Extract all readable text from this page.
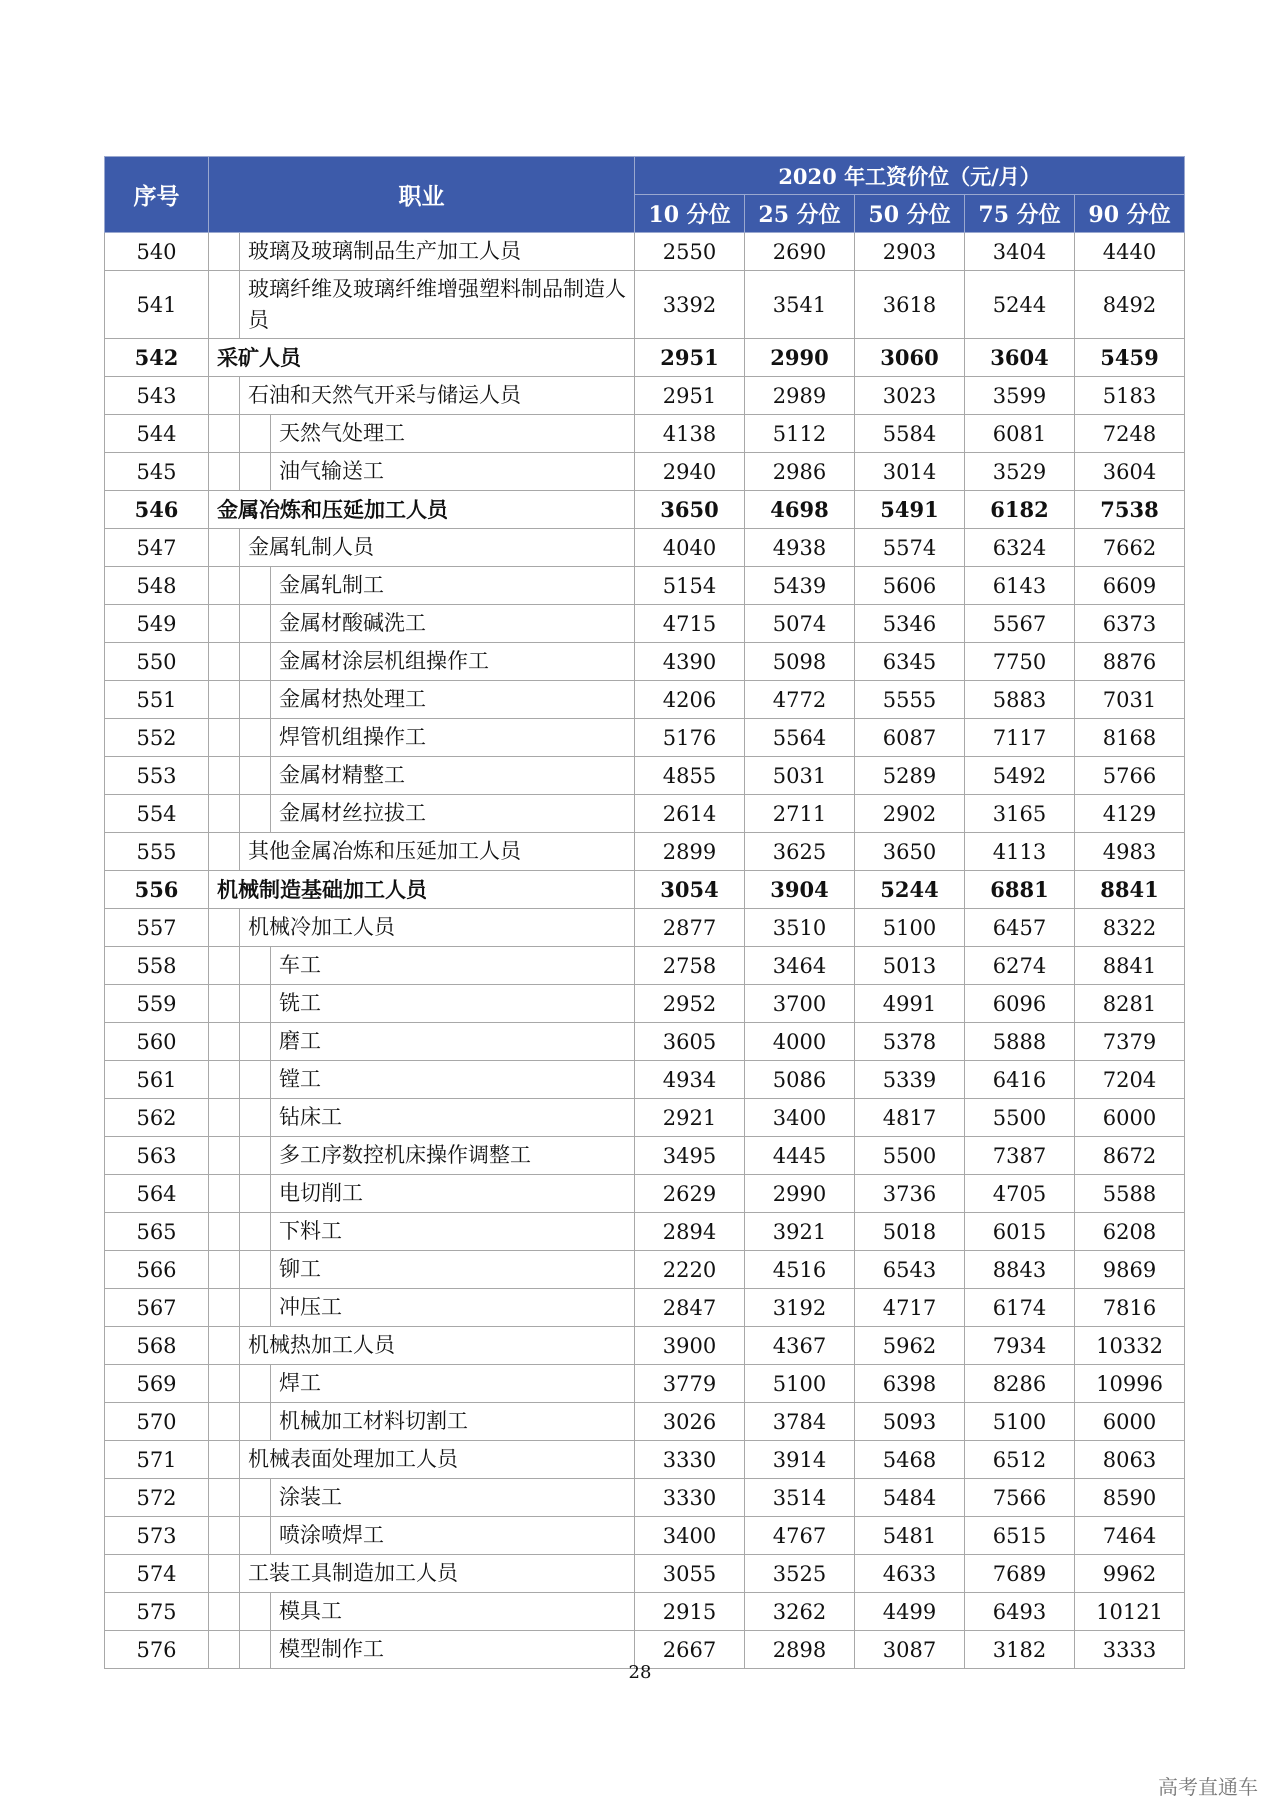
序号	职业			2020 年工资价位（元/月）				
				10 分位	25 分位	50 分位	75 分位	90 分位
540		玻璃及玻璃制品生产加工人员		2550	2690	2903	3404	4440
541		玻璃纤维及玻璃纤维增强塑料制品制造人员		3392	3541	3618	5244	8492
542	采矿人员			2951	2990	3060	3604	5459
543		石油和天然气开采与储运人员		2951	2989	3023	3599	5183
544			天然气处理工	4138	5112	5584	6081	7248
545			油气输送工	2940	2986	3014	3529	3604
546	金属冶炼和压延加工人员			3650	4698	5491	6182	7538
547		金属轧制人员		4040	4938	5574	6324	7662
548			金属轧制工	5154	5439	5606	6143	6609
549			金属材酸碱洗工	4715	5074	5346	5567	6373
550			金属材涂层机组操作工	4390	5098	6345	7750	8876
551			金属材热处理工	4206	4772	5555	5883	7031
552			焊管机组操作工	5176	5564	6087	7117	8168
553			金属材精整工	4855	5031	5289	5492	5766
554			金属材丝拉拔工	2614	2711	2902	3165	4129
555		其他金属冶炼和压延加工人员		2899	3625	3650	4113	4983
556	机械制造基础加工人员			3054	3904	5244	6881	8841
557		机械冷加工人员		2877	3510	5100	6457	8322
558			车工	2758	3464	5013	6274	8841
559			铣工	2952	3700	4991	6096	8281
560			磨工	3605	4000	5378	5888	7379
561			镗工	4934	5086	5339	6416	7204
562			钻床工	2921	3400	4817	5500	6000
563			多工序数控机床操作调整工	3495	4445	5500	7387	8672
564			电切削工	2629	2990	3736	4705	5588
565			下料工	2894	3921	5018	6015	6208
566			铆工	2220	4516	6543	8843	9869
567			冲压工	2847	3192	4717	6174	7816
568		机械热加工人员		3900	4367	5962	7934	10332
569			焊工	3779	5100	6398	8286	10996
570			机械加工材料切割工	3026	3784	5093	5100	6000
571		机械表面处理加工人员		3330	3914	5468	6512	8063
572			涂装工	3330	3514	5484	7566	8590
573			喷涂喷焊工	3400	4767	5481	6515	7464
574		工装工具制造加工人员		3055	3525	4633	7689	9962
575			模具工	2915	3262	4499	6493	10121
576			模型制作工	2667	2898	3087	3182	3333
28
高考直通车
